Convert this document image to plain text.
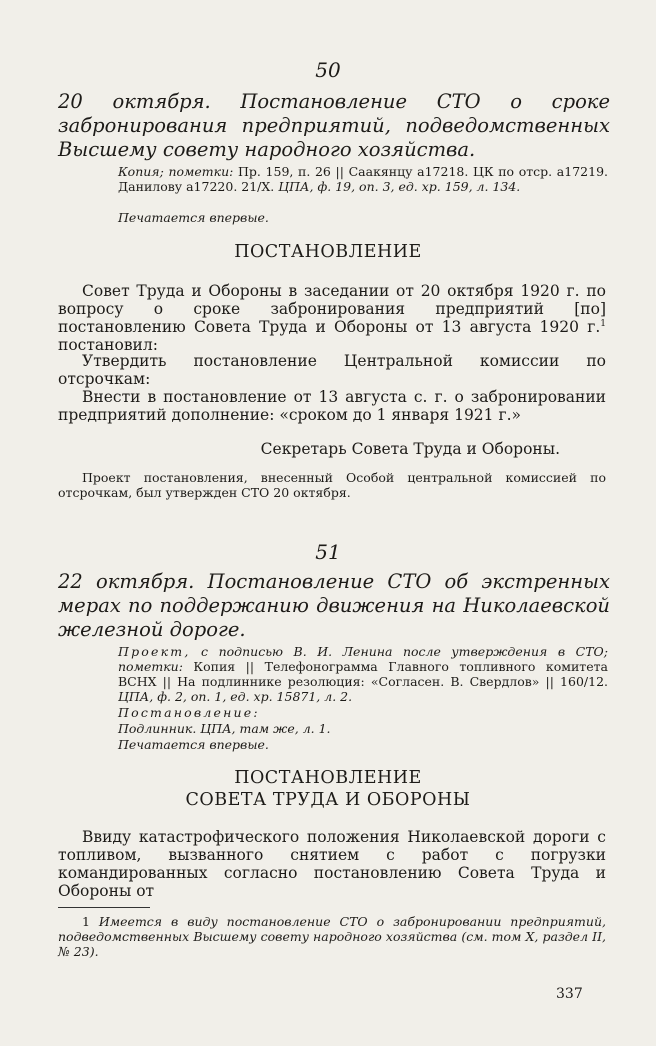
50
20 октября. Постановление СТО о сроке забронирования предприятий, подведомственных Высшему совету народного хозяйства.
Копия; пометки: Пр. 159, п. 26 || Саакянцу а17218. ЦК по отср. а17219. Данилову а17220. 21/X. ЦПА, ф. 19, оп. 3, ед. хр. 159, л. 134.
Печатается впервые.
ПОСТАНОВЛЕНИЕ
Совет Труда и Обороны в заседании от 20 октября 1920 г. по вопросу о сроке забронирования предприятий [по] постановлению Совета Труда и Обороны от 13 августа 1920 г.$^1$ постановил:
Утвердить постановление Центральной комиссии по отсрочкам:
Внести в постановление от 13 августа с. г. о забронировании предприятий дополнение: «сроком до 1 января 1921 г.»
Секретарь Совета Труда и Обороны.
Проект постановления, внесенный Особой центральной комиссией по отсрочкам, был утвержден СТО 20 октября.
51
22 октября. Постановление СТО об экстренных мерах по поддержанию движения на Николаевской железной дороге.
Проект, с подписью В. И. Ленина после утверждения в СТО; пометки: Копия || Телефонограмма Главного топливного комитета ВСНХ || На подлиннике резолюция: «Согласен. В. Свердлов» || 160/12. ЦПА, ф. 2, оп. 1, ед. хр. 15871, л. 2.
Постановление:
Подлинник. ЦПА, там же, л. 1.
Печатается впервые.
ПОСТАНОВЛЕНИЕ
СОВЕТА ТРУДА И ОБОРОНЫ
Ввиду катастрофического положения Николаевской дороги с топливом, вызванного снятием с работ с погрузки командированных согласно постановлению Совета Труда и Обороны от
1 Имеется в виду постановление СТО о забронировании предприятий, подведомственных Высшему совету народного хозяйства (см. том X, раздел II, № 23).
337
